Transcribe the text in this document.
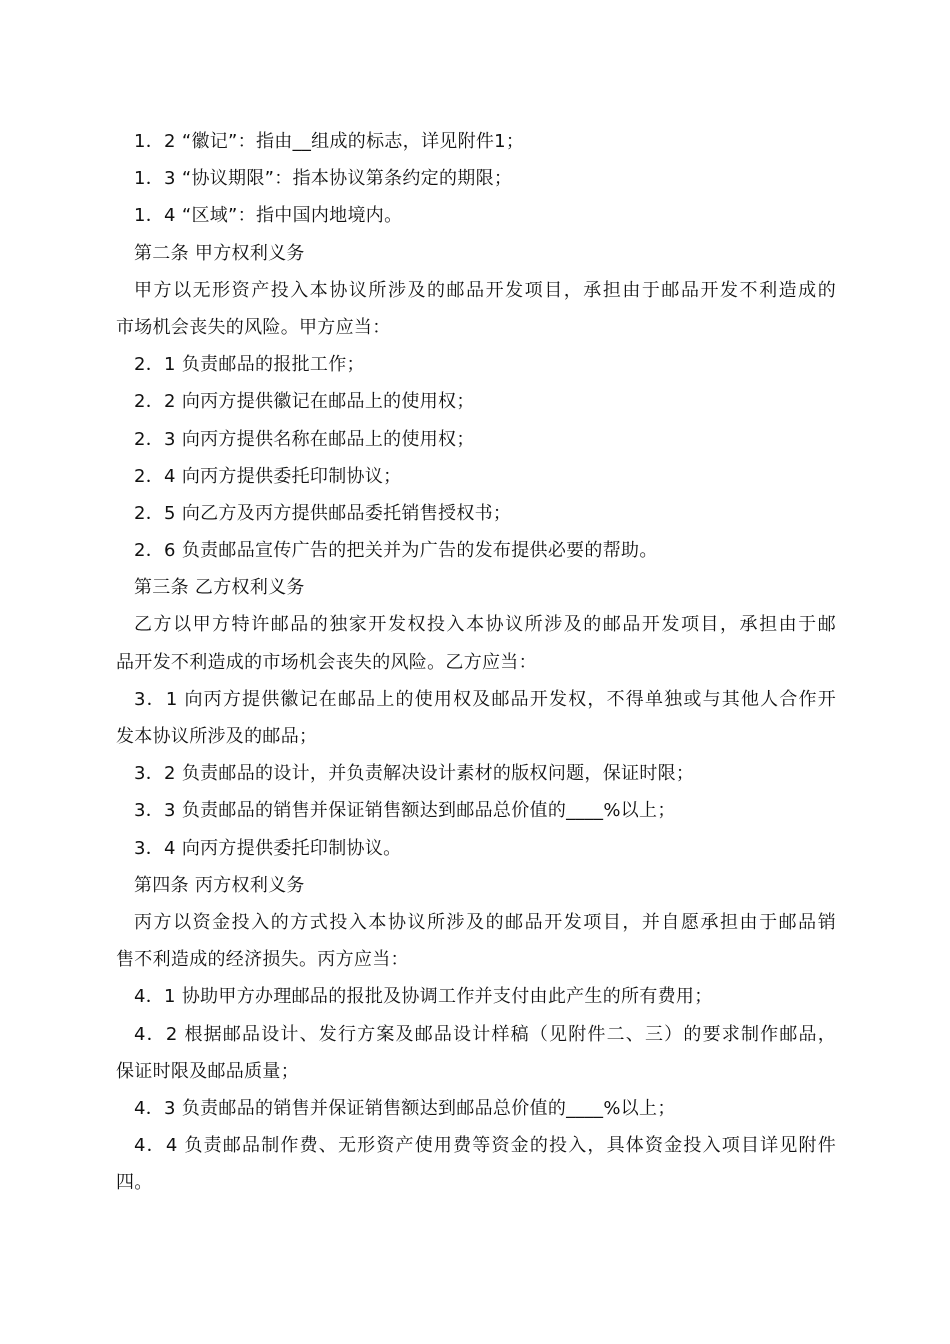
1．2 “徽记”：指由__组成的标志，详见附件1；
1．3 “协议期限”：指本协议第条约定的期限；
1．4 “区域”：指中国内地境内。
第二条 甲方权利义务
甲方以无形资产投入本协议所涉及的邮品开发项目，承担由于邮品开发不利造成的
市场机会丧失的风险。甲方应当：
2．1 负责邮品的报批工作；
2．2 向丙方提供徽记在邮品上的使用权；
2．3 向丙方提供名称在邮品上的使用权；
2．4 向丙方提供委托印制协议；
2．5 向乙方及丙方提供邮品委托销售授权书；
2．6 负责邮品宣传广告的把关并为广告的发布提供必要的帮助。
第三条 乙方权利义务
乙方以甲方特许邮品的独家开发权投入本协议所涉及的邮品开发项目，承担由于邮
品开发不利造成的市场机会丧失的风险。乙方应当：
3．1 向丙方提供徽记在邮品上的使用权及邮品开发权，不得单独或与其他人合作开
发本协议所涉及的邮品；
3．2 负责邮品的设计，并负责解决设计素材的版权问题，保证时限；
3．3 负责邮品的销售并保证销售额达到邮品总价值的____%以上；
3．4 向丙方提供委托印制协议。
第四条 丙方权利义务
丙方以资金投入的方式投入本协议所涉及的邮品开发项目，并自愿承担由于邮品销
售不利造成的经济损失。丙方应当：
4．1 协助甲方办理邮品的报批及协调工作并支付由此产生的所有费用；
4．2 根据邮品设计、发行方案及邮品设计样稿（见附件二、三）的要求制作邮品，
保证时限及邮品质量；
4．3 负责邮品的销售并保证销售额达到邮品总价值的____%以上；
4．4 负责邮品制作费、无形资产使用费等资金的投入，具体资金投入项目详见附件
四。
